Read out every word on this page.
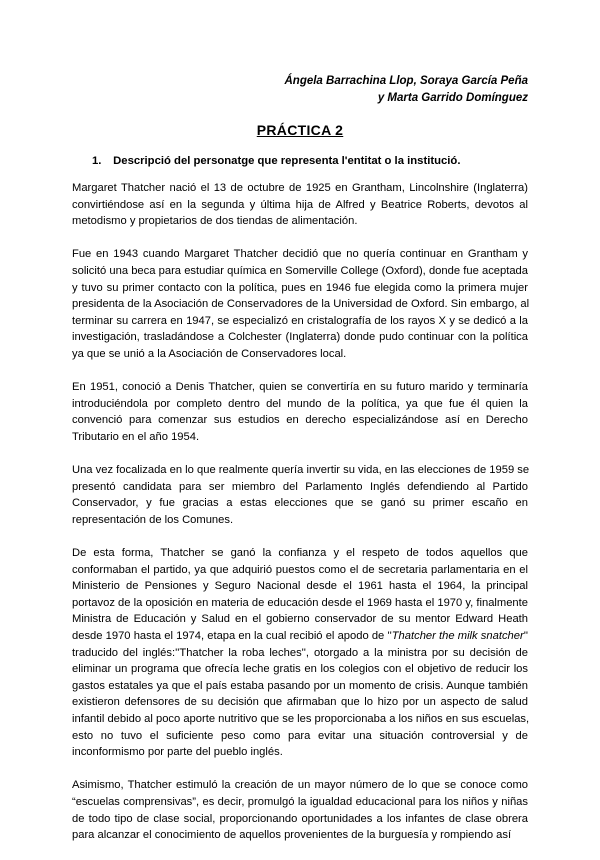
Ángela Barrachina Llop, Soraya García Peña
y Marta Garrido Domínguez
PRÁCTICA 2
1. Descripció del personatge que representa l'entitat o la institució.
Margaret Thatcher nació el 13 de octubre de 1925 en Grantham, Lincolnshire (Inglaterra)
convirtiéndose así en la segunda y última hija de Alfred y Beatrice Roberts, devotos al
metodismo y propietarios de dos tiendas de alimentación.
Fue en 1943 cuando Margaret Thatcher decidió que no quería continuar en Grantham y
solicitó una beca para estudiar química en Somerville College (Oxford), donde fue aceptada
y tuvo su primer contacto con la política, pues en 1946 fue elegida como la primera mujer
presidenta de la Asociación de Conservadores de la Universidad de Oxford. Sin embargo, al
terminar su carrera en 1947, se especializó en cristalografía de los rayos X y se dedicó a la
investigación, trasladándose a Colchester (Inglaterra) donde pudo continuar con la política
ya que se unió a la Asociación de Conservadores local.
En 1951, conoció a Denis Thatcher, quien se convertiría en su futuro marido y terminaría
introduciéndola por completo dentro del mundo de la política, ya que fue él quien la
convenció para comenzar sus estudios en derecho especializándose así en Derecho
Tributario en el año 1954.
Una vez focalizada en lo que realmente quería invertir su vida, en las elecciones de 1959 se
presentó candidata para ser miembro del Parlamento Inglés defendiendo al Partido
Conservador, y fue gracias a estas elecciones que se ganó su primer escaño en
representación de los Comunes.
De esta forma, Thatcher se ganó la confianza y el respeto de todos aquellos que
conformaban el partido, ya que adquirió puestos como el de secretaria parlamentaria en el
Ministerio de Pensiones y Seguro Nacional desde el 1961 hasta el 1964, la principal
portavoz de la oposición en materia de educación desde el 1969 hasta el 1970 y, finalmente
Ministra de Educación y Salud en el gobierno conservador de su mentor Edward Heath
desde 1970 hasta el 1974, etapa en la cual recibió el apodo de ''Thatcher the milk snatcher''
traducido del inglés:''Thatcher la roba leches'', otorgado a la ministra por su decisión de
eliminar un programa que ofrecía leche gratis en los colegios con el objetivo de reducir los
gastos estatales ya que el país estaba pasando por un momento de crisis. Aunque también
existieron defensores de su decisión que afirmaban que lo hizo por un aspecto de salud
infantil debido al poco aporte nutritivo que se les proporcionaba a los niños en sus escuelas,
esto no tuvo el suficiente peso como para evitar una situación controversial y de
inconformismo por parte del pueblo inglés.
Asimismo, Thatcher estimuló la creación de un mayor número de lo que se conoce como
“escuelas comprensivas”, es decir, promulgó la igualdad educacional para los niños y niñas
de todo tipo de clase social, proporcionando oportunidades a los infantes de clase obrera
para alcanzar el conocimiento de aquellos provenientes de la burguesía y rompiendo así
